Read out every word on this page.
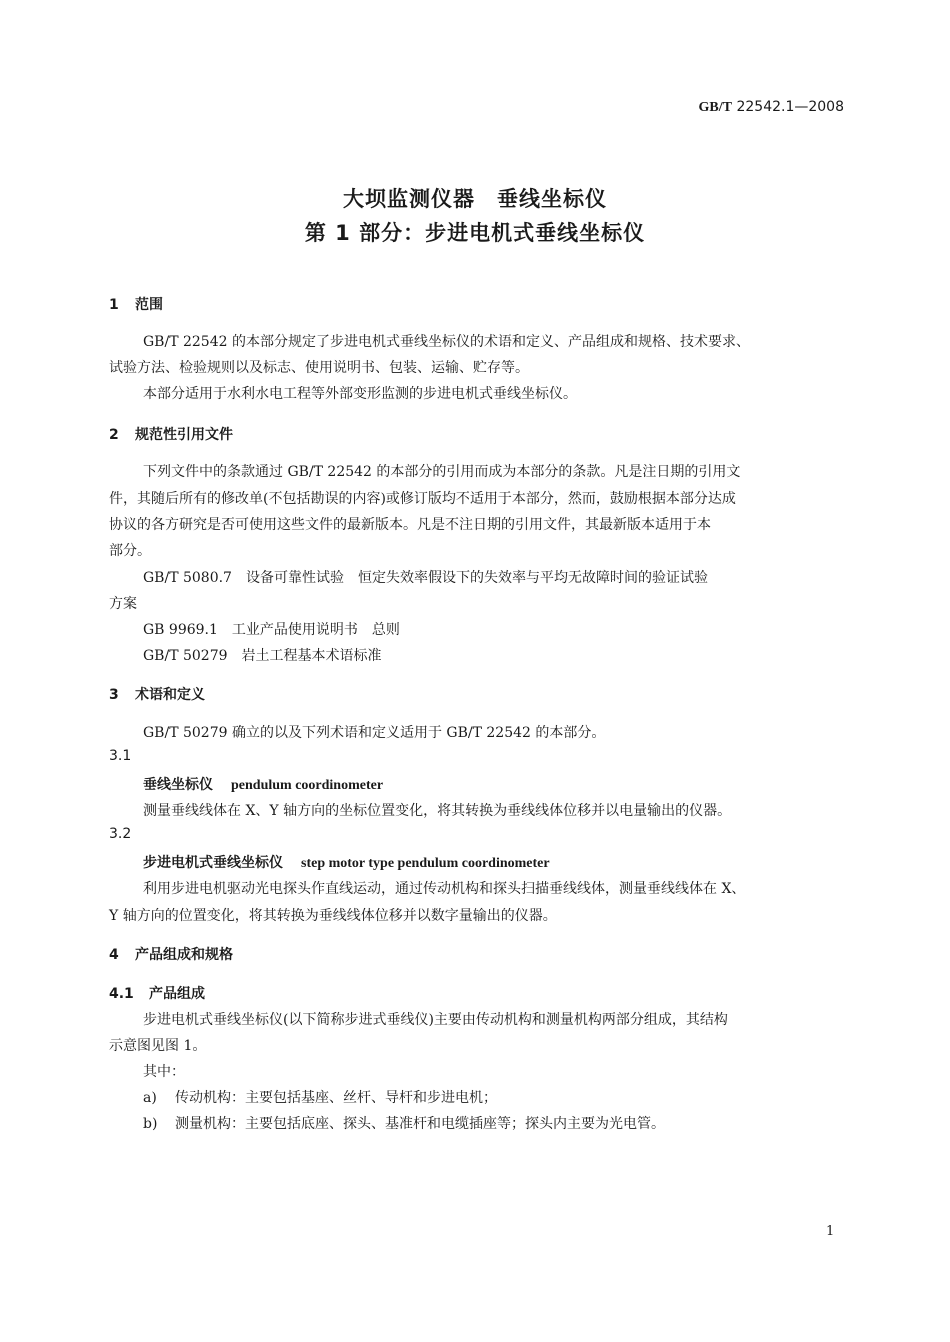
GB/T 22542.1—2008
大坝监测仪器　垂线坐标仪
第 1 部分：步进电机式垂线坐标仪
1 范围
GB/T 22542 的本部分规定了步进电机式垂线坐标仪的术语和定义、产品组成和规格、技术要求、
试验方法、检验规则以及标志、使用说明书、包装、运输、贮存等。
本部分适用于水利水电工程等外部变形监测的步进电机式垂线坐标仪。
2 规范性引用文件
下列文件中的条款通过 GB/T 22542 的本部分的引用而成为本部分的条款。凡是注日期的引用文
件，其随后所有的修改单(不包括勘误的内容)或修订版均不适用于本部分，然而，鼓励根据本部分达成
协议的各方研究是否可使用这些文件的最新版本。凡是不注日期的引用文件，其最新版本适用于本
部分。
GB/T 5080.7　设备可靠性试验　恒定失效率假设下的失效率与平均无故障时间的验证试验
方案
GB 9969.1　工业产品使用说明书　总则
GB/T 50279　岩土工程基本术语标准
3 术语和定义
GB/T 50279 确立的以及下列术语和定义适用于 GB/T 22542 的本部分。
3.1
垂线坐标仪 pendulum coordinometer
测量垂线线体在 X、Y 轴方向的坐标位置变化，将其转换为垂线线体位移并以电量输出的仪器。
3.2
步进电机式垂线坐标仪 step motor type pendulum coordinometer
利用步进电机驱动光电探头作直线运动，通过传动机构和探头扫描垂线线体，测量垂线线体在 X、
Y 轴方向的位置变化，将其转换为垂线线体位移并以数字量输出的仪器。
4 产品组成和规格
4.1 产品组成
步进电机式垂线坐标仪(以下简称步进式垂线仪)主要由传动机构和测量机构两部分组成，其结构
示意图见图 1。
其中：
a) 传动机构：主要包括基座、丝杆、导杆和步进电机；
b) 测量机构：主要包括底座、探头、基准杆和电缆插座等；探头内主要为光电管。
1
